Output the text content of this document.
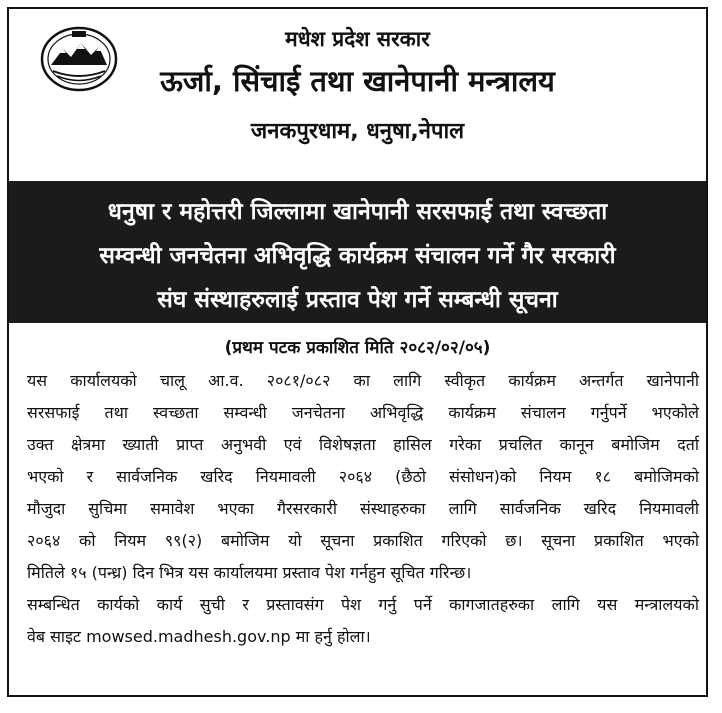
मधेश प्रदेश सरकार
ऊर्जा, सिंचाई तथा खानेपानी मन्त्रालय
जनकपुरधाम, धनुषा,नेपाल
धनुषा र महोत्तरी जिल्लामा खानेपानी सरसफाई तथा स्वच्छता
सम्वन्धी जनचेतना अभिवृद्धि कार्यक्रम संचालन गर्ने गैर सरकारी
संघ संस्थाहरुलाई प्रस्ताव पेश गर्ने सम्बन्धी सूचना
(प्रथम पटक प्रकाशित मिति २०८२/०२/०५)
यस कार्यालयको चालू आ.व. २०८१/०८२ का लागि स्वीकृत कार्यक्रम अन्तर्गत खानेपानी
सरसफाई तथा स्वच्छता सम्वन्धी जनचेतना अभिवृद्धि कार्यक्रम संचालन गर्नुपर्ने भएकोले
उक्त क्षेत्रमा ख्याती प्राप्त अनुभवी एवं विशेषज्ञता हासिल गरेका प्रचलित कानून बमोजिम दर्ता
भएको र सार्वजनिक खरिद नियमावली २०६४ (छैठो संसोधन)को नियम १८ बमोजिमको
मौजुदा सुचिमा समावेश भएका गैरसरकारी संस्थाहरुका लागि सार्वजनिक खरिद नियमावली
२०६४ को नियम ९९(२) बमोजिम यो सूचना प्रकाशित गरिएको छ। सूचना प्रकाशित भएको
मितिले १५ (पन्ध्र) दिन भित्र यस कार्यालयमा प्रस्ताव पेश गर्नहुन सूचित गरिन्छ।
सम्बन्धित कार्यको कार्य सुची र प्रस्तावसंग पेश गर्नु पर्ने कागजातहरुका लागि यस मन्त्रालयको
वेब साइट mowsed.madhesh.gov.np मा हर्नु होला।
